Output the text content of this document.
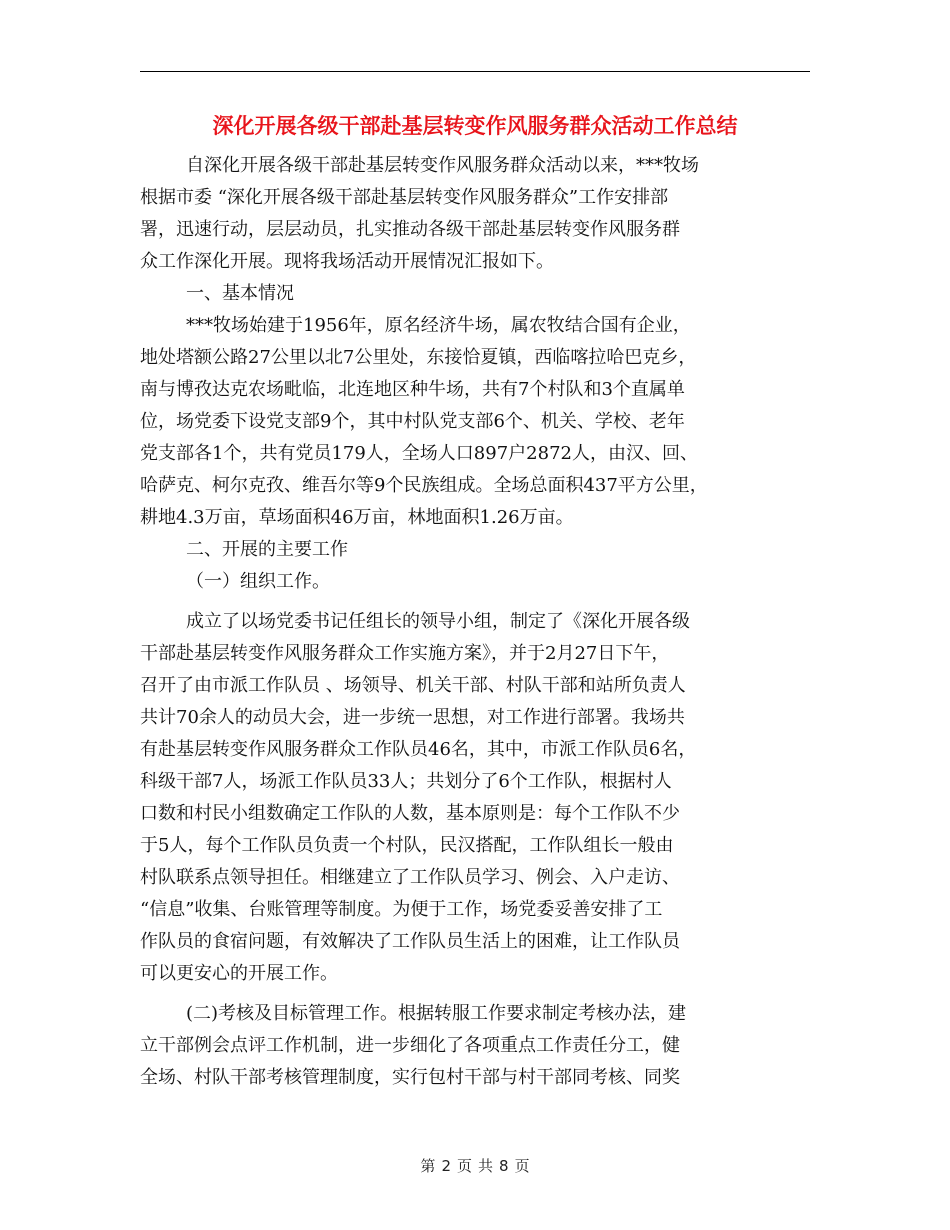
深化开展各级干部赴基层转变作风服务群众活动工作总结

自深化开展各级干部赴基层转变作风服务群众活动以来，***牧场
根据市委 “深化开展各级干部赴基层转变作风服务群众”工作安排部
署，迅速行动，层层动员，扎实推动各级干部赴基层转变作风服务群
众工作深化开展。现将我场活动开展情况汇报如下。

一、基本情况

***牧场始建于1956年，原名经济牛场，属农牧结合国有企业，
地处塔额公路27公里以北7公里处，东接恰夏镇，西临喀拉哈巴克乡，
南与博孜达克农场毗临，北连地区种牛场，共有7个村队和3个直属单
位，场党委下设党支部9个，其中村队党支部6个、机关、学校、老年
党支部各1个，共有党员179人，全场人口897户2872人，由汉、回、
哈萨克、柯尔克孜、维吾尔等9个民族组成。全场总面积437平方公里，
耕地4.3万亩，草场面积46万亩，林地面积1.26万亩。

二、开展的主要工作

（一）组织工作。

成立了以场党委书记任组长的领导小组，制定了《深化开展各级
干部赴基层转变作风服务群众工作实施方案》，并于2月27日下午，
召开了由市派工作队员 、场领导、机关干部、村队干部和站所负责人
共计70余人的动员大会，进一步统一思想，对工作进行部署。我场共
有赴基层转变作风服务群众工作队员46名，其中，市派工作队员6名，
科级干部7人，场派工作队员33人；共划分了6个工作队，根据村人
口数和村民小组数确定工作队的人数，基本原则是：每个工作队不少
于5人，每个工作队员负责一个村队，民汉搭配，工作队组长一般由
村队联系点领导担任。相继建立了工作队员学习、例会、入户走访、
“信息”收集、台账管理等制度。为便于工作，场党委妥善安排了工
作队员的食宿问题，有效解决了工作队员生活上的困难，让工作队员
可以更安心的开展工作。

(二)考核及目标管理工作。根据转服工作要求制定考核办法，建
立干部例会点评工作机制，进一步细化了各项重点工作责任分工，健
全场、村队干部考核管理制度，实行包村干部与村干部同考核、同奖

第 2 页 共 8 页
